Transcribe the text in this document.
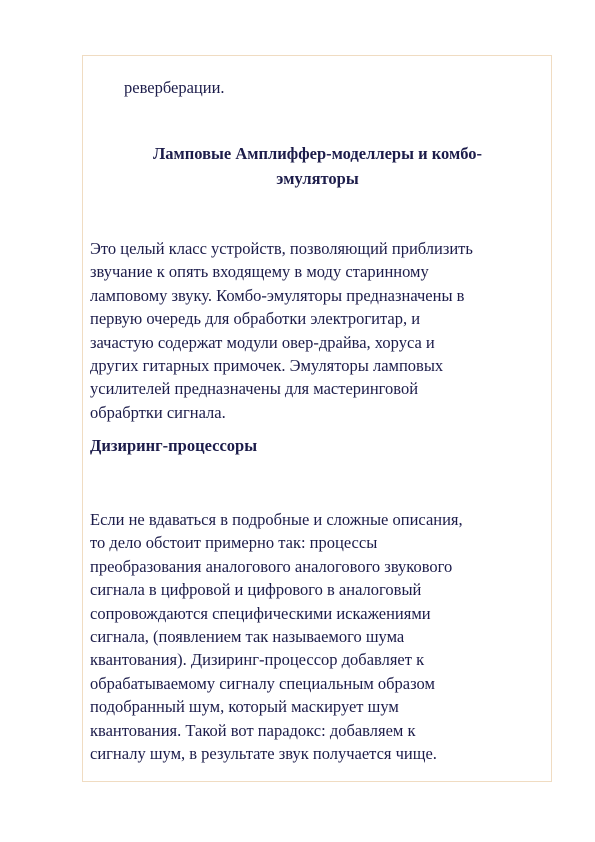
реверберации.

Ламповые Амплиффер-моделлеры и комбо-
эмуляторы

Это целый класс устройств, позволяющий приблизить
звучание к опять входящему в моду старинному
ламповому звуку. Комбо-эмуляторы предназначены в
первую очередь для обработки электрогитар, и
зачастую содержат модули овер-драйва, хоруса и
других гитарных примочек. Эмуляторы ламповых
усилителей предназначены для мастеринговой
обрабртки сигнала.

Дизиринг-процессоры

Если не вдаваться в подробные и сложные описания,
то дело обстоит примерно так: процессы
преобразования аналогового аналогового звукового
сигнала в цифровой и цифрового в аналоговый
сопровождаются специфическими искажениями
сигнала, (появлением так называемого шума
квантования). Дизиринг-процессор добавляет к
обрабатываемому сигналу специальным образом
подобранный шум, который маскирует шум
квантования. Такой вот парадокс: добавляем к
сигналу шум, в результате звук получается чище.
